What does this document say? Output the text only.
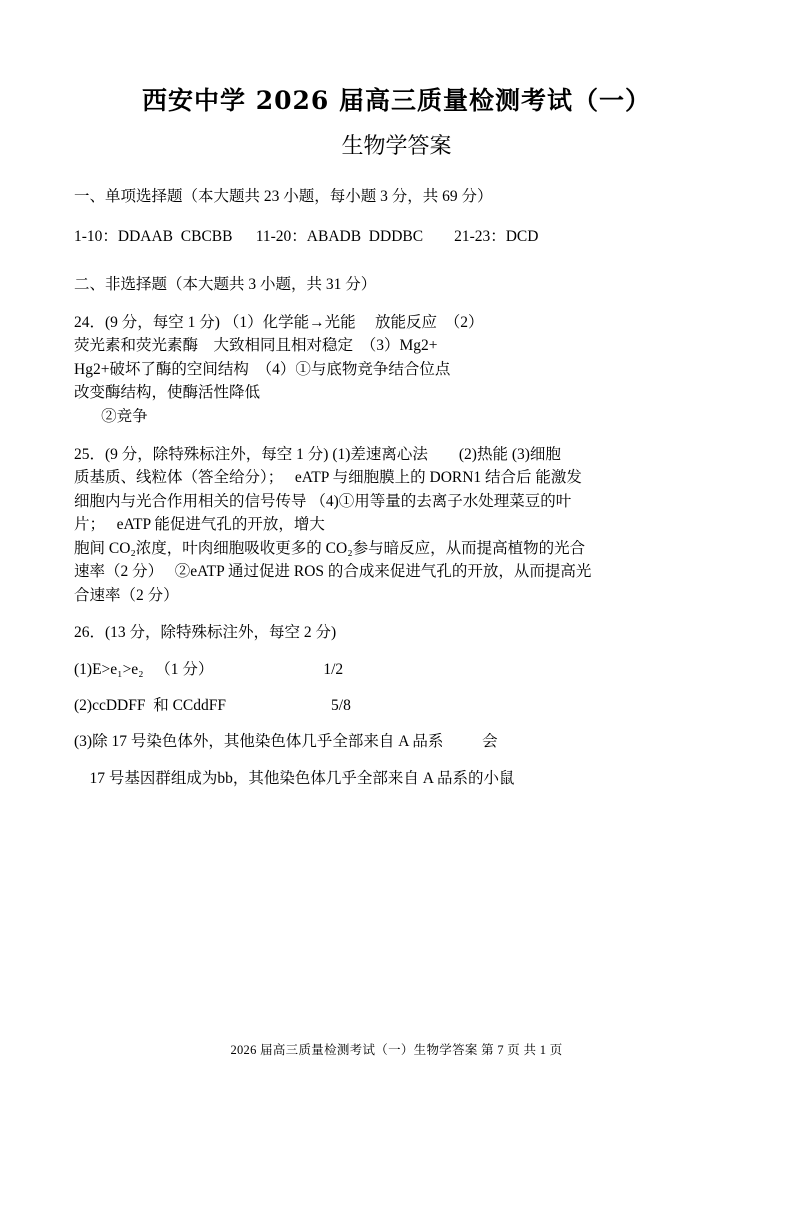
西安中学 2026 届高三质量检测考试（一）
生物学答案
一、单项选择题（本大题共 23 小题，每小题 3 分，共 69 分）
1-10：DDAAB  CBCBB      11-20：ABADB  DDDBC        21-23：DCD
二、非选择题（本大题共 3 小题，共 31 分）
24．(9 分，每空 1 分) （1）化学能→光能     放能反应  （2）
荧光素和荧光素酶    大致相同且相对稳定  （3）Mg2+
Hg2+破坏了酶的空间结构  （4）①与底物竞争结合位点
改变酶结构，使酶活性降低
②竞争
25．(9 分，除特殊标注外，每空 1 分) (1)差速离心法        (2)热能 (3)细胞
质基质、线粒体（答全给分）；   eATP 与细胞膜上的 DORN1 结合后 能激发
细胞内与光合作用相关的信号传导 （4)①用等量的去离子水处理菜豆的叶
片；   eATP 能促进气孔的开放，增大
胞间 CO₂浓度，叶肉细胞吸收更多的 CO₂参与暗反应，从而提高植物的光合
速率（2 分）   ②eATP 通过促进 ROS 的合成来促进气孔的开放，从而提高光
合速率（2 分）
26．(13 分，除特殊标注外，每空 2 分)
(1)E>e₁>e₂   （1 分）	1/2
(2)ccDDFF  和 CCddFF	5/8
(3)除 17 号染色体外，其他染色体几乎全部来自 A 品系          会
17 号基因群组成为bb，其他染色体几乎全部来自 A 品系的小鼠
2026 届高三质量检测考试（一）生物学答案 第 7 页 共 1 页
